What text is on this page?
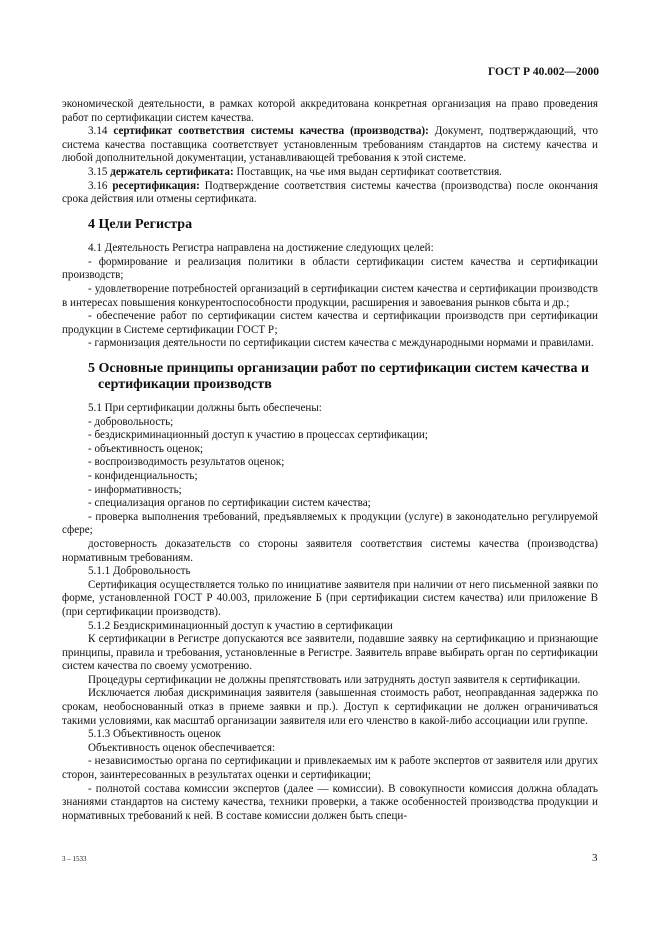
ГОСТ Р 40.002—2000

экономической деятельности, в рамках которой аккредитована конкретная организация на право проведения работ по сертификации систем качества.

3.14 сертификат соответствия системы качества (производства): Документ, подтверждающий, что система качества поставщика соответствует установленным требованиям стандартов на систему качества и любой дополнительной документации, устанавливающей требования к этой системе.

3.15 держатель сертификата: Поставщик, на чье имя выдан сертификат соответствия.

3.16 ресертификация: Подтверждение соответствия системы качества (производства) после окончания срока действия или отмены сертификата.

4 Цели Регистра

4.1 Деятельность Регистра направлена на достижение следующих целей:

- формирование и реализация политики в области сертификации систем качества и сертификации производств;

- удовлетворение потребностей организаций в сертификации систем качества и сертификации производств в интересах повышения конкурентоспособности продукции, расширения и завоевания рынков сбыта и др.;

- обеспечение работ по сертификации систем качества и сертификации производств при сертификации продукции в Системе сертификации ГОСТ Р;

- гармонизация деятельности по сертификации систем качества с международными нормами и правилами.

5 Основные принципы организации работ по сертификации систем качества и
сертификации производств

5.1 При сертификации должны быть обеспечены:

- добровольность;

- бездискриминационный доступ к участию в процессах сертификации;

- объективность оценок;

- воспроизводимость результатов оценок;

- конфиденциальность;

- информативность;

- специализация органов по сертификации систем качества;

- проверка выполнения требований, предъявляемых к продукции (услуге) в законодательно регулируемой сфере;

достоверность доказательств со стороны заявителя соответствия системы качества (производства) нормативным требованиям.

5.1.1 Добровольность

Сертификация осуществляется только по инициативе заявителя при наличии от него письменной заявки по форме, установленной ГОСТ Р 40.003, приложение Б (при сертификации систем качества) или приложение В (при сертификации производств).

5.1.2 Бездискриминационный доступ к участию в сертификации

К сертификации в Регистре допускаются все заявители, подавшие заявку на сертификацию и признающие принципы, правила и требования, установленные в Регистре. Заявитель вправе выбирать орган по сертификации систем качества по своему усмотрению.

Процедуры сертификации не должны препятствовать или затруднять доступ заявителя к сертификации.

Исключается любая дискриминация заявителя (завышенная стоимость работ, неоправданная задержка по срокам, необоснованный отказ в приеме заявки и пр.). Доступ к сертификации не должен ограничиваться такими условиями, как масштаб организации заявителя или его членство в какой-либо ассоциации или группе.

5.1.3 Объективность оценок

Объективность оценок обеспечивается:

- независимостью органа по сертификации и привлекаемых им к работе экспертов от заявителя или других сторон, заинтересованных в результатах оценки и сертификации;

- полнотой состава комиссии экспертов (далее — комиссии). В совокупности комиссия должна обладать знаниями стандартов на систему качества, техники проверки, а также особенностей производства продукции и нормативных требований к ней. В составе комиссии должен быть специ-

3 – 1533	3
